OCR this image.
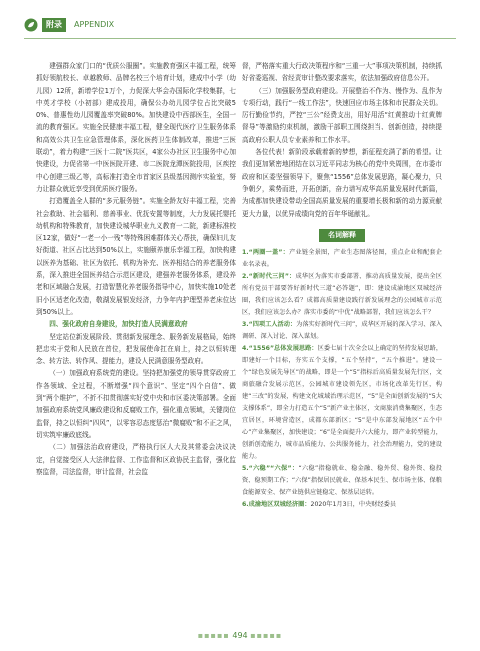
附录	APPENDIX

建强群众家门口的“优质公服圈”。实施教育强区丰福工程，统筹抓好领航校长、卓越教师、品牌名校三个培育计划，建成中小学（幼儿园）12所，新增学位1万个，力促深大华会办国际化学校集群，七中英才学校（小初部）建成投用，确保公办幼儿园学位占比突破50%、普惠性幼儿园覆盖率突破80%。加快建设中西部医生，全国一流的教育强区。实施全民健康丰福工程，健全现代医疗卫生服务体系和高效公共卫生应急管理体系，深化医药卫生体制改革，推进“三医联动”，着力构建“三医十二院”医共区，4家公办社区卫生服务中心加快建设，力促省第一中医医院开建、市二医院龙潭医院投用，区疾控中心创建三级乙等，高标准打造全市首家区县级基因测序实验室，努力让群众就近享受到优质医疗服务。

打造覆盖全人群的“多元服务链”。实施全龄友好丰福工程，完善社会救助、社会福利、慈善事业、优抚安置等制度，大力发展托婴托幼机构和特殊教育，加快建设城华职业九义教育一二院，新建标准校区12家，做好“一老一小一残”等特殊困难群体关心帮扶，确保妇儿友好街道、社区占比达到50%以上，实施颐养康乐幸福工程，加快构建以医养为基础、社区为依托、机构为补充、医养相结合的养老服务体系，深入推进全国医养结合示范区建设，建强养老服务体系，建设养老和区域融合发展，打造智慧化养老服务指导中心，加快实施10处老旧小区适老化改造，敬湖发展银发经济，力争年内护理型养老床位达到50%以上。

四、强化政府自身建设，加快打造人民满意政府

坚定站位新发展阶段、贯彻新发展理念、服务新发展格局，始终把忠实于党和人民放在首位，把发展使命扛在肩上，持之以恒转理念、转方法、转作风、提能力，建设人民满意服务型政府。

（一）加强政府系统党的建设。坚持把加强党的领导贯穿政府工作各领域、全过程，不断增强“四个意识”、坚定“四个自信”、做到“两个维护”，不折不扣贯彻落实好党中央和市区委决策部署。全面加强政府系统党风廉政建设和反腐败工作，强化重点领域，关键岗位监督，持之以恒纠“四风”，以零容忍态度惩治“微腐败”和不正之风，切实筑牢廉政底线。

（二）加强法治政府建设，严格执行区人大及其常委会决议决定，自觉接受区人大法律监督、工作监督和区政协民主监督，强化监察监督，司法监督，审计监督，社会监

督，严格落实重大行政决策程序和“三重一大”事项决策机制，持续抓好省委巡视、省经责审计整改要求落实，依法加强政府信息公开。

（三）加强服务型政府建设。开展整治不作为、慢作为、乱作为专项行动，践行“一线工作法”，快速回应市场主体和市民群众关切。厉行勤俭节约，严控“三公”经费支出，用好用活“红黄推动十红黄牌督导”等激励约束机制，激励干部职工围绕担当、创新创造，持续提高政府公职人员专业素养和工作水平。

各位代表！新阶段承载着新的梦想，新征程充满了新的希望。让我们更加紧密地团结在以习近平同志为核心的党中央周围，在市委市政府和区委坚强领导下，聚焦“1556”总体发展思路，凝心聚力，只争朝夕，乘势而进，开拓创新，奋力谱写成华高质量发展时代新篇，为成都加快建设带动全国高质量发展的重要增长极和新的动力源贡献更大力量，以优异成绩向党的百年华诞献礼。

名词解释

1.“两圈一盖”：产业链全景图，产业生态图落径图，重点企业和配套企业名录表。

2.“新时代三问”：成华区为落实市委部署、推动高质量发展，提出全区所有党员干部要答好新时代三道“必答题”，即：建设成渝地区双城经济圈，我们应该怎么看？成都高质量建设践行新发展理念的公园城市示范区，我们应该怎么办？落实市委的“中优”战略部署，我们应该怎么干？

3.“四项工人活动：为落实好新时代三问”，成华区开展的深入学习、深入调研、深入讨论、深入谋划。

4.“1556”总体发展思路：区委七届十次全会以上确定的坚持发展思路，即建好一个目标，夯实五个支撑，“五个坚持”，“五个推进”。建设一个“绿色发展先导区”的战略，即是一个“5”指标后高质量发展先行区，文商旅融合发展示范区，公园城市建设领先区，市场化改革先行区，构建“三改”的发展，构建文化城域治理示范区，“5”是全面创新发展的“5大支撑体系”，即全力打造五个“5”新产业主体区，文商旅消费集聚区，生态宜居区，环境营造区，成都东部新区；“5”是中东部发展地区“五个中心”产业集聚区，加快建设；“6”是全面提升六大能力，即产业转型能力，创新创造能力，城市品质能力、公共服务能力，社会治理能力，党的建设能力。

5.“六稳”“六保”：“六稳”指稳就业、稳金融、稳外贸、稳外资、稳投资、稳预期工作；“六保”指保居民就业、保基本民生、保市场主体、保粮食能源安全、保产业链供应链稳定、保基层运转。

6.成渝地区双城经济圈：2020年1月3日，中央财经委员

▪▪▪▪▪ 494 ▪▪▪▪▪
